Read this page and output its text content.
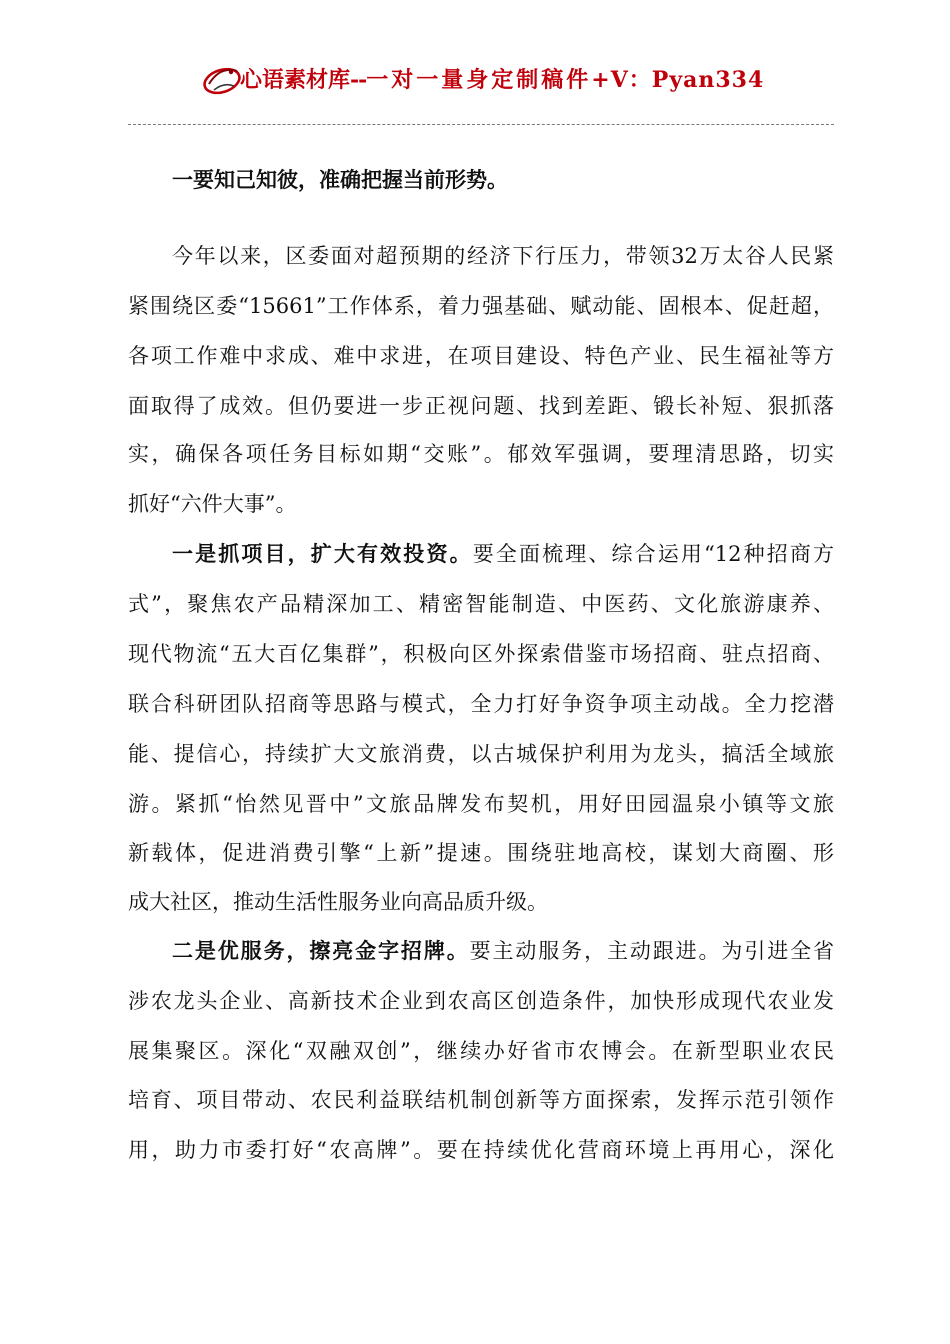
心语素材库--一对一量身定制稿件+V：Pyan334
一要知己知彼，准确把握当前形势。
今年以来，区委面对超预期的经济下行压力，带领32万太谷人民紧
紧围绕区委“15661”工作体系，着力强基础、赋动能、固根本、促赶超，
各项工作难中求成、难中求进，在项目建设、特色产业、民生福祉等方
面取得了成效。但仍要进一步正视问题、找到差距、锻长补短、狠抓落
实，确保各项任务目标如期“交账”。郁效军强调，要理清思路，切实
抓好“六件大事”。
一是抓项目，扩大有效投资。要全面梳理、综合运用“12种招商方
式”，聚焦农产品精深加工、精密智能制造、中医药、文化旅游康养、
现代物流“五大百亿集群”，积极向区外探索借鉴市场招商、驻点招商、
联合科研团队招商等思路与模式，全力打好争资争项主动战。全力挖潜
能、提信心，持续扩大文旅消费，以古城保护利用为龙头，搞活全域旅
游。紧抓“怡然见晋中”文旅品牌发布契机，用好田园温泉小镇等文旅
新载体，促进消费引擎“上新”提速。围绕驻地高校，谋划大商圈、形
成大社区，推动生活性服务业向高品质升级。
二是优服务，擦亮金字招牌。要主动服务，主动跟进。为引进全省
涉农龙头企业、高新技术企业到农高区创造条件，加快形成现代农业发
展集聚区。深化“双融双创”，继续办好省市农博会。在新型职业农民
培育、项目带动、农民利益联结机制创新等方面探索，发挥示范引领作
用，助力市委打好“农高牌”。要在持续优化营商环境上再用心，深化
